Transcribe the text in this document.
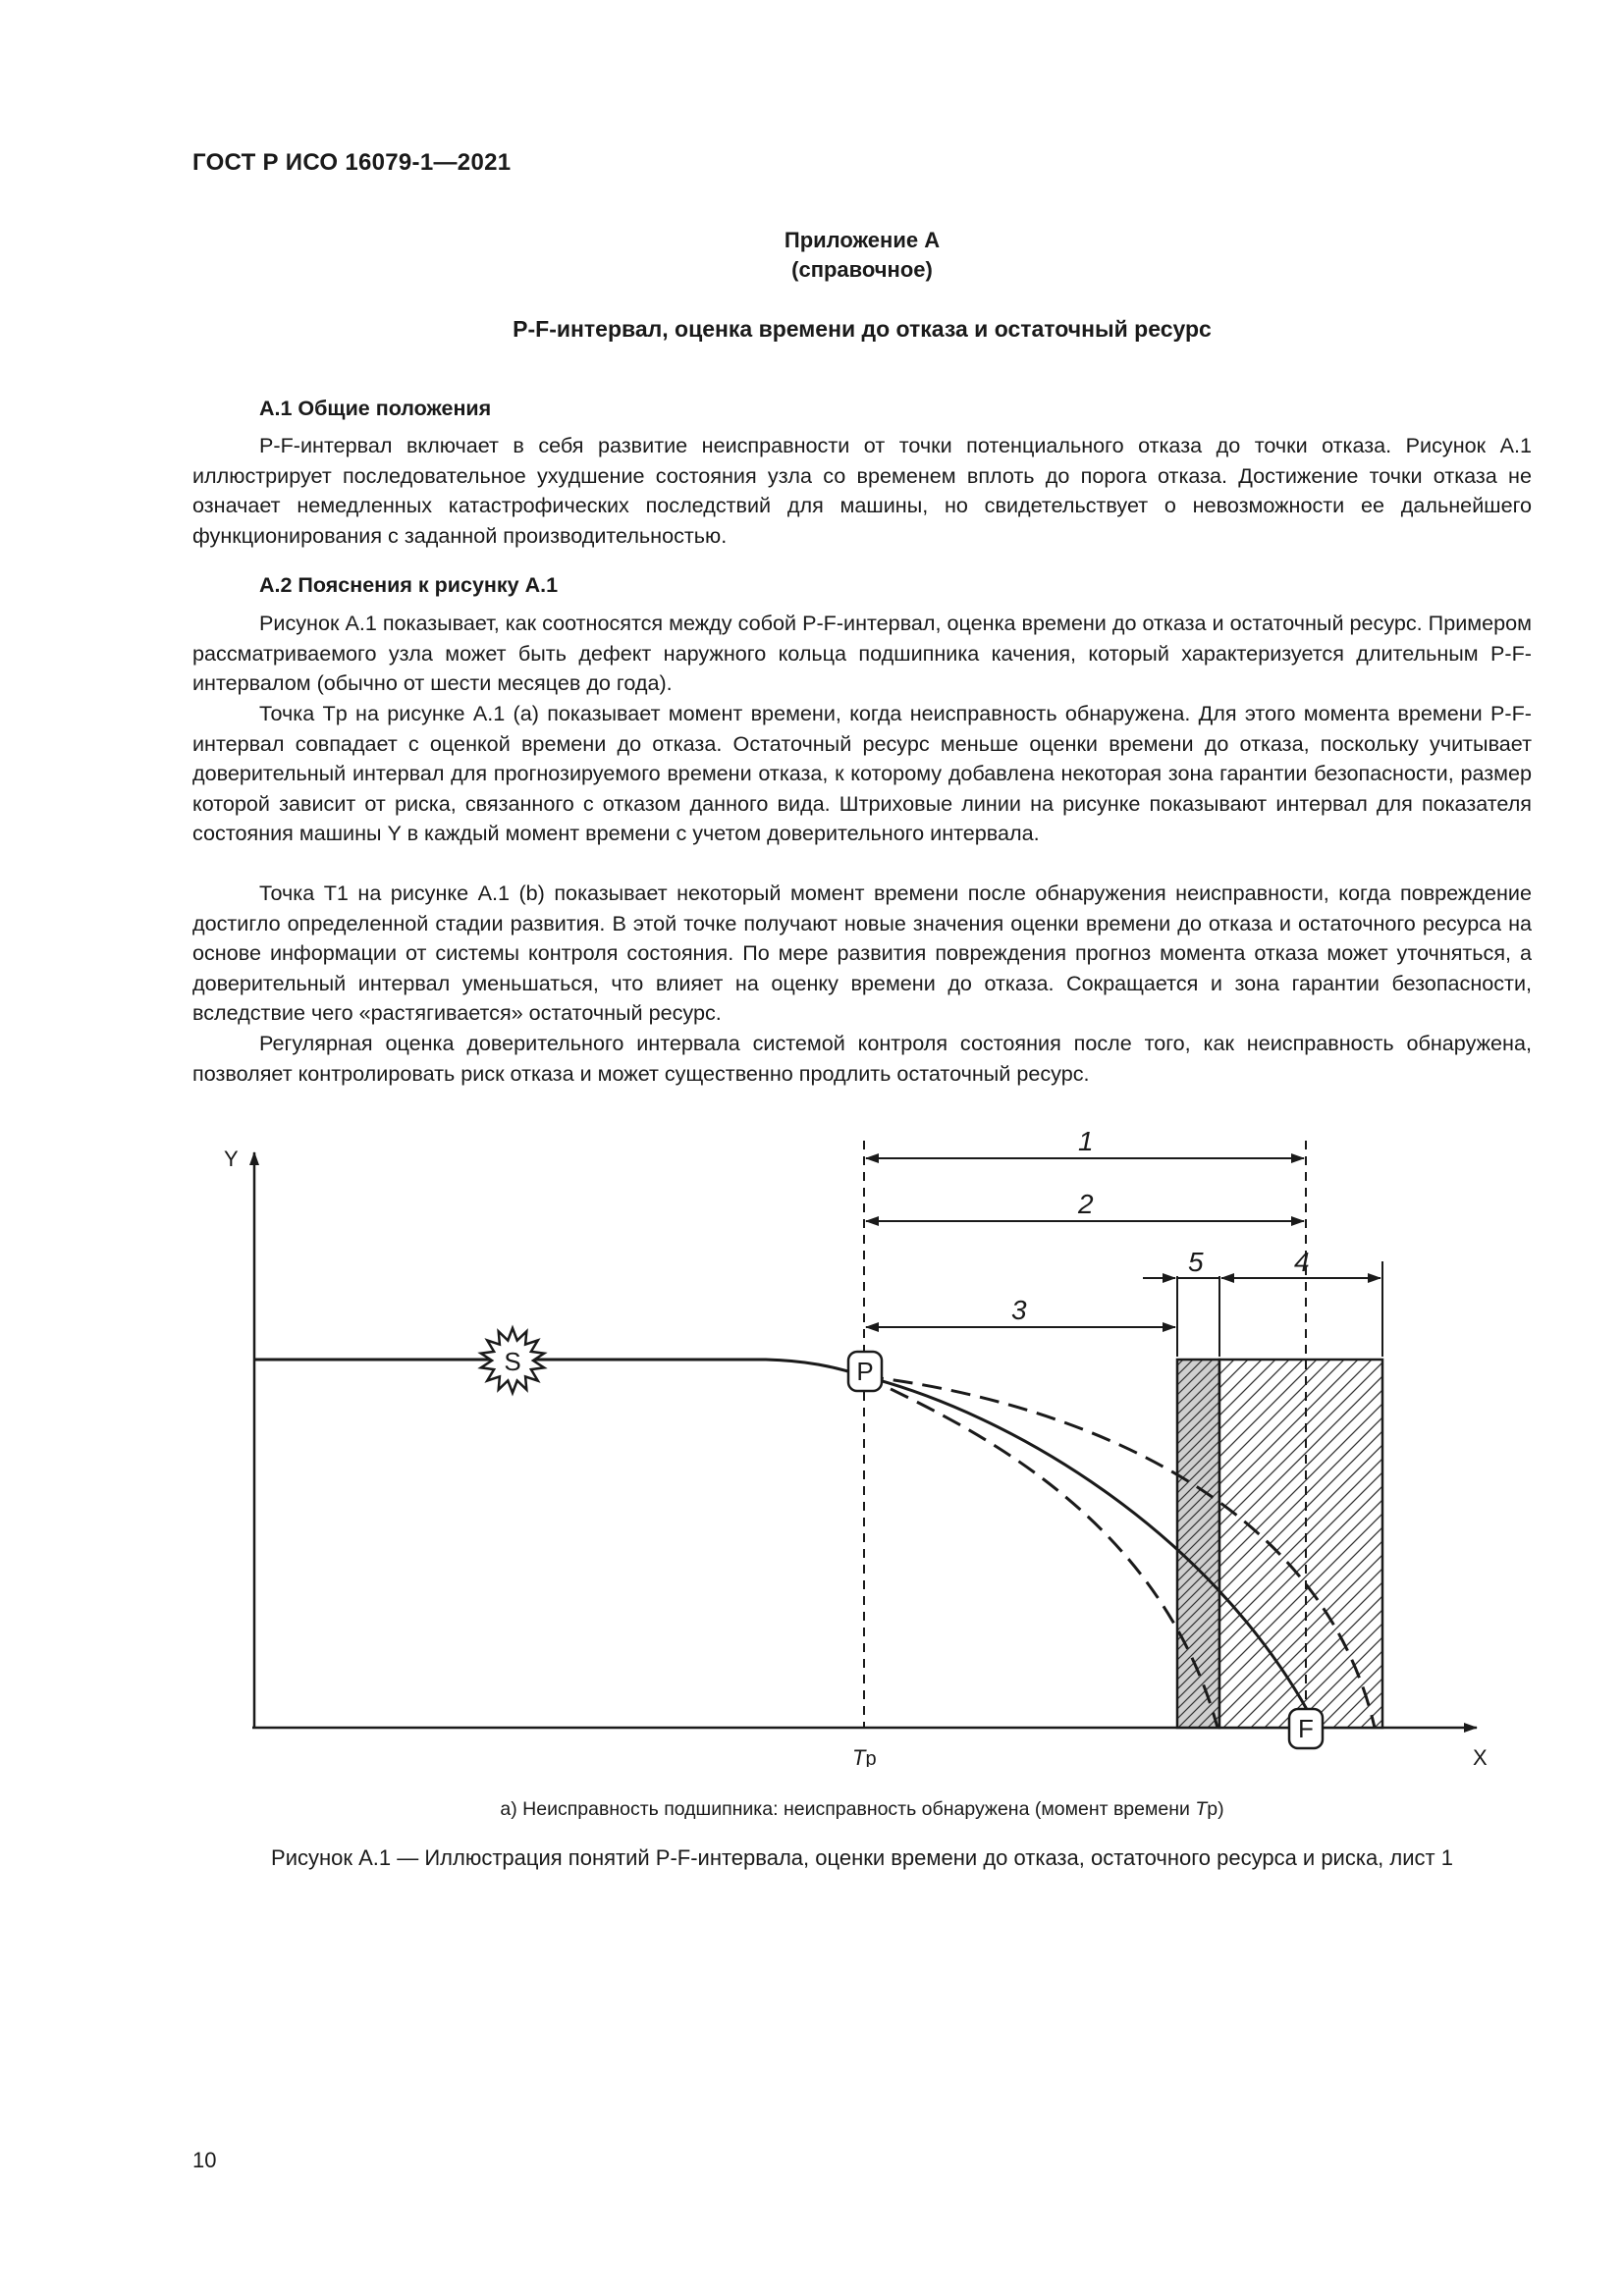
ГОСТ Р ИСО 16079-1—2021
Приложение А
(справочное)
P-F-интервал, оценка времени до отказа и остаточный ресурс
А.1 Общие положения

P-F-интервал включает в себя развитие неисправности от точки потенциального отказа до точки отказа. Рисунок А.1 иллюстрирует последовательное ухудшение состояния узла со временем вплоть до порога отказа. Достижение точки отказа не означает немедленных катастрофических последствий для машины, но свидетельствует о невозможности ее дальнейшего функционирования с заданной производительностью.

А.2 Пояснения к рисунку А.1

Рисунок А.1 показывает, как соотносятся между собой P-F-интервал, оценка времени до отказа и остаточный ресурс. Примером рассматриваемого узла может быть дефект наружного кольца подшипника качения, который характеризуется длительным P-F-интервалом (обычно от шести месяцев до года).

Точка Tp на рисунке А.1 (а) показывает момент времени, когда неисправность обнаружена. Для этого момента времени P-F-интервал совпадает с оценкой времени до отказа. Остаточный ресурс меньше оценки времени до отказа, поскольку учитывает доверительный интервал для прогнозируемого времени отказа, к которому добавлена некоторая зона гарантии безопасности, размер которой зависит от риска, связанного с отказом данного вида. Штриховые линии на рисунке показывают интервал для показателя состояния машины Y в каждый момент времени с учетом доверительного интервала.

Точка Т1 на рисунке А.1 (b) показывает некоторый момент времени после обнаружения неисправности, когда повреждение достигло определенной стадии развития. В этой точке получают новые значения оценки времени до отказа и остаточного ресурса на основе информации от системы контроля состояния. По мере развития повреждения прогноз момента отказа может уточняться, а доверительный интервал уменьшаться, что влияет на оценку времени до отказа. Сокращается и зона гарантии безопасности, вследствие чего «растягивается» остаточный ресурс.

Регулярная оценка доверительного интервала системой контроля состояния после того, как неисправность обнаружена, позволяет контролировать риск отказа и может существенно продлить остаточный ресурс.

Y
X
Tp
1
2
3
4
5
S	P
F
а) Неисправность подшипника: неисправность обнаружена (момент времени Tp)
Рисунок А.1 — Иллюстрация понятий P-F-интервала, оценки времени до отказа, остаточного ресурса и риска, лист 1
10
